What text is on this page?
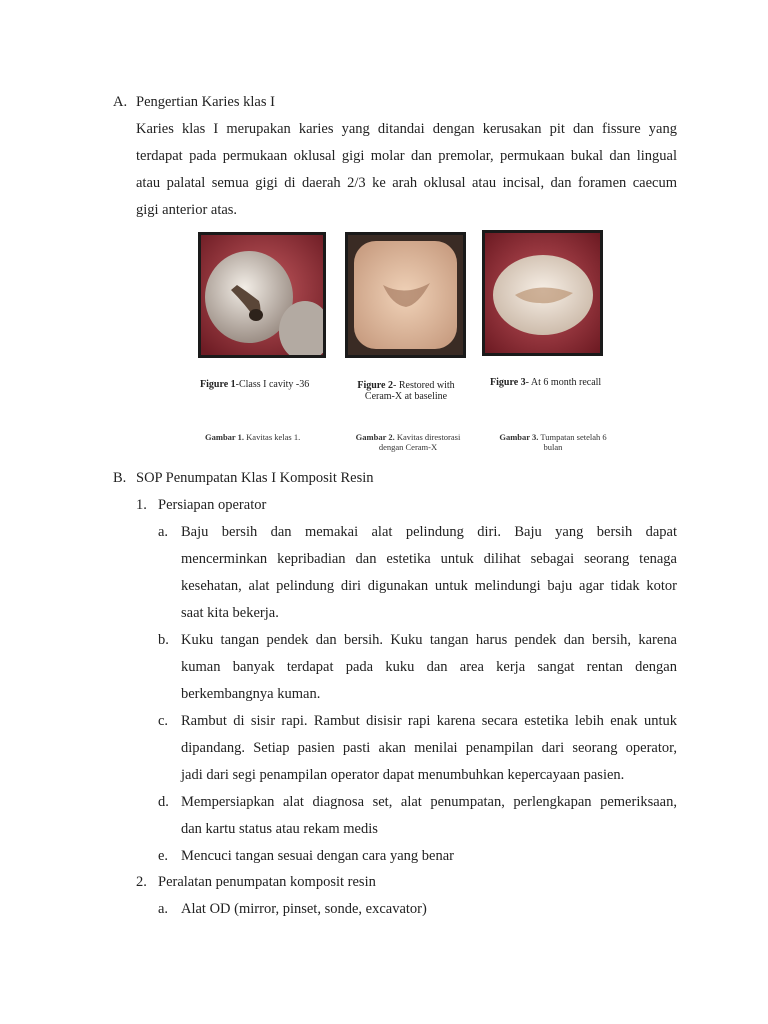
A. Pengertian Karies klas I
Karies klas I merupakan karies yang ditandai dengan kerusakan pit dan fissure yang
terdapat pada permukaan oklusal gigi molar dan premolar, permukaan bukal dan lingual
atau palatal semua gigi di daerah 2/3 ke arah oklusal atau incisal, dan foramen caecum
gigi anterior atas.
Figure 1-Class I cavity -36	Figure 2- Restored with Ceram-X at baseline
Figure 3- At 6 month recall
Gambar 1. Kavitas kelas 1.	Gambar 2. Kavitas direstorasi dengan Ceram-X
Gambar 3. Tumpatan setelah 6 bulan
B. SOP Penumpatan Klas I Komposit Resin
1. Persiapan operator
a. Baju bersih dan memakai alat pelindung diri. Baju yang bersih dapat
mencerminkan kepribadian dan estetika untuk dilihat sebagai seorang tenaga
kesehatan, alat pelindung diri digunakan untuk melindungi baju agar tidak kotor
saat kita bekerja.
b. Kuku tangan pendek dan bersih. Kuku tangan harus pendek dan bersih, karena
kuman banyak terdapat pada kuku dan area kerja sangat rentan dengan
berkembangnya kuman.
c. Rambut di sisir rapi. Rambut disisir rapi karena secara estetika lebih enak untuk
dipandang. Setiap pasien pasti akan menilai penampilan dari seorang operator,
jadi dari segi penampilan operator dapat menumbuhkan kepercayaan pasien.
d. Mempersiapkan alat diagnosa set, alat penumpatan, perlengkapan pemeriksaan,
dan kartu status atau rekam medis
e. Mencuci tangan sesuai dengan cara yang benar
2. Peralatan penumpatan komposit resin
a. Alat OD (mirror, pinset, sonde, excavator)
